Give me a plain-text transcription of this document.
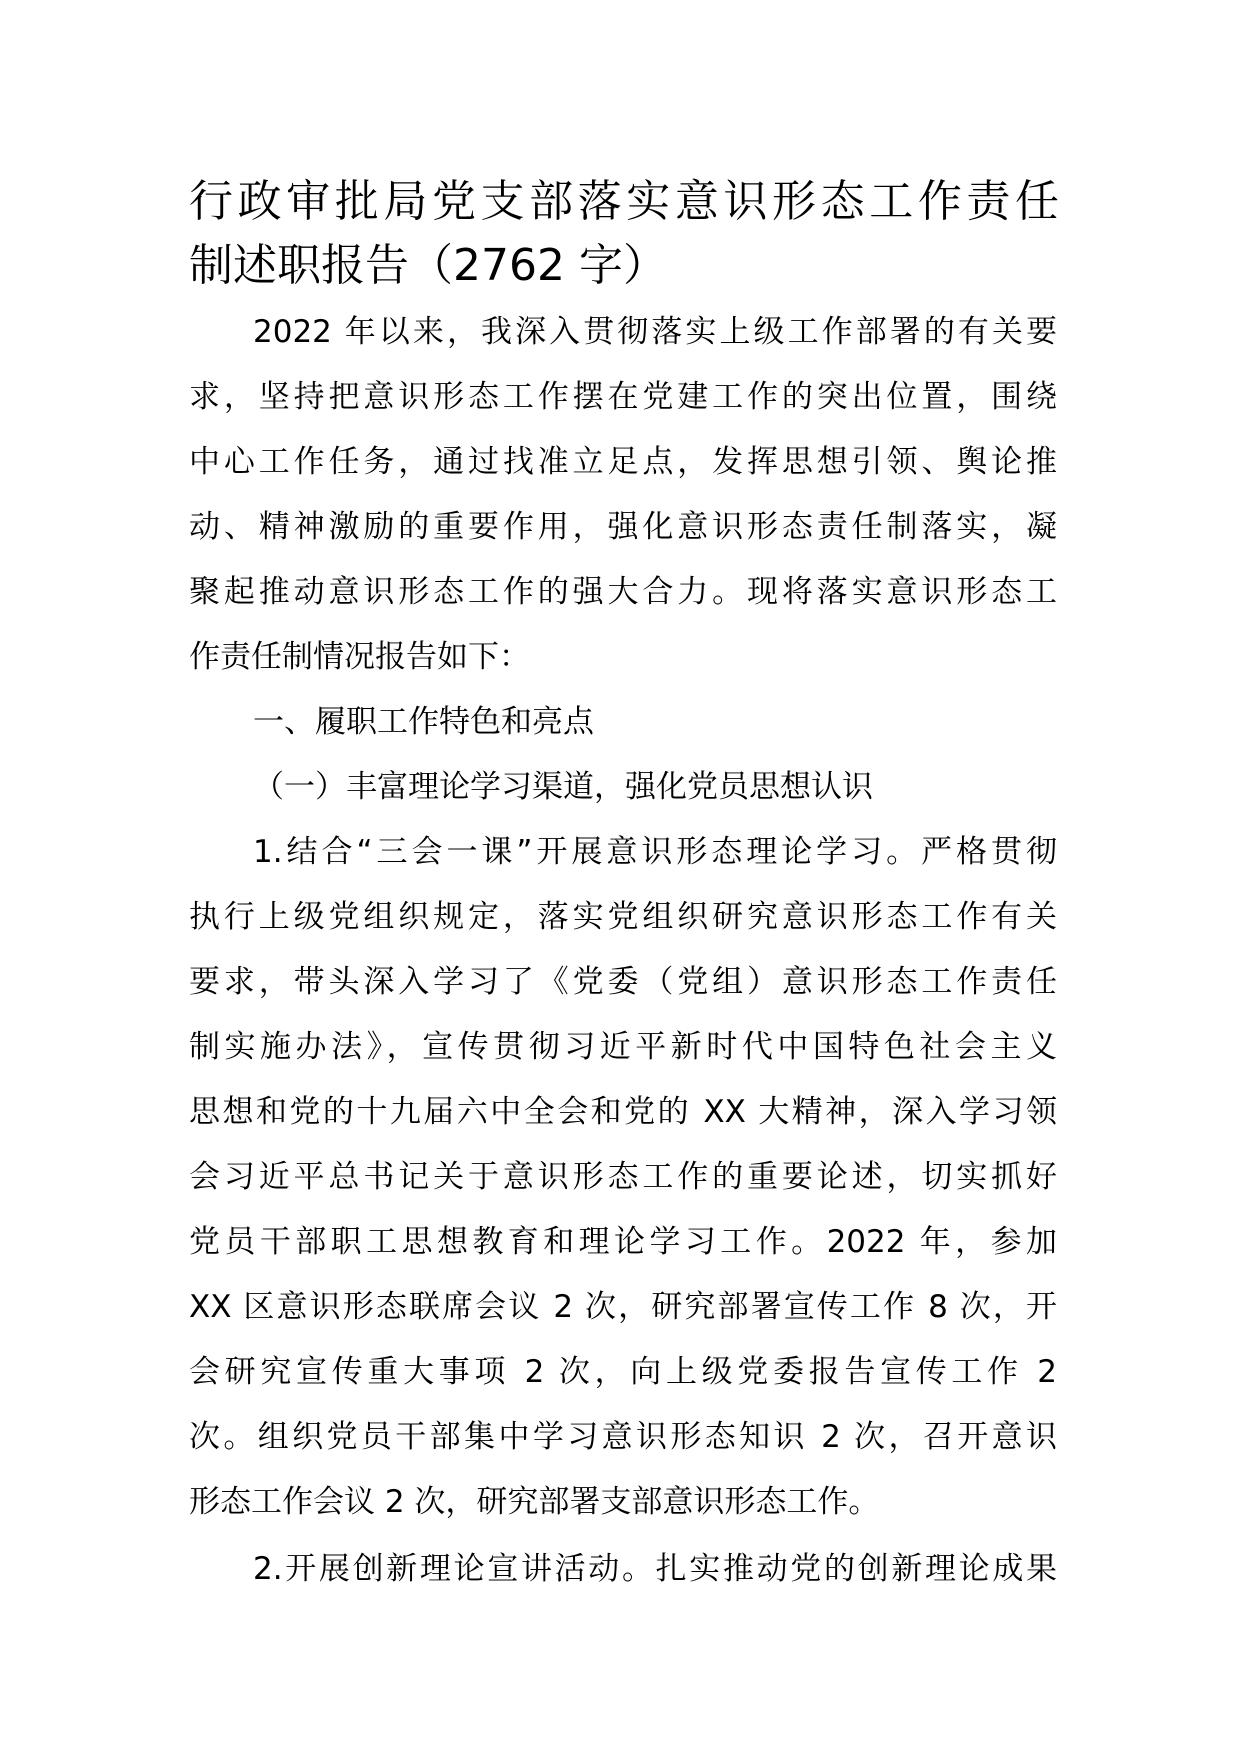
行政审批局党支部落实意识形态工作责任
制述职报告（2762 字）
2022 年以来，我深入贯彻落实上级工作部署的有关要
求，坚持把意识形态工作摆在党建工作的突出位置，围绕
中心工作任务，通过找准立足点，发挥思想引领、舆论推
动、精神激励的重要作用，强化意识形态责任制落实，凝
聚起推动意识形态工作的强大合力。现将落实意识形态工
作责任制情况报告如下：
一、履职工作特色和亮点
（一）丰富理论学习渠道，强化党员思想认识
1.结合“三会一课”开展意识形态理论学习。严格贯彻
执行上级党组织规定，落实党组织研究意识形态工作有关
要求，带头深入学习了《党委（党组）意识形态工作责任
制实施办法》，宣传贯彻习近平新时代中国特色社会主义
思想和党的十九届六中全会和党的 XX 大精神，深入学习领
会习近平总书记关于意识形态工作的重要论述，切实抓好
党员干部职工思想教育和理论学习工作。2022 年，参加
XX 区意识形态联席会议 2 次，研究部署宣传工作 8 次，开
会研究宣传重大事项 2 次，向上级党委报告宣传工作 2
次。组织党员干部集中学习意识形态知识 2 次，召开意识
形态工作会议 2 次，研究部署支部意识形态工作。
2.开展创新理论宣讲活动。扎实推动党的创新理论成果
